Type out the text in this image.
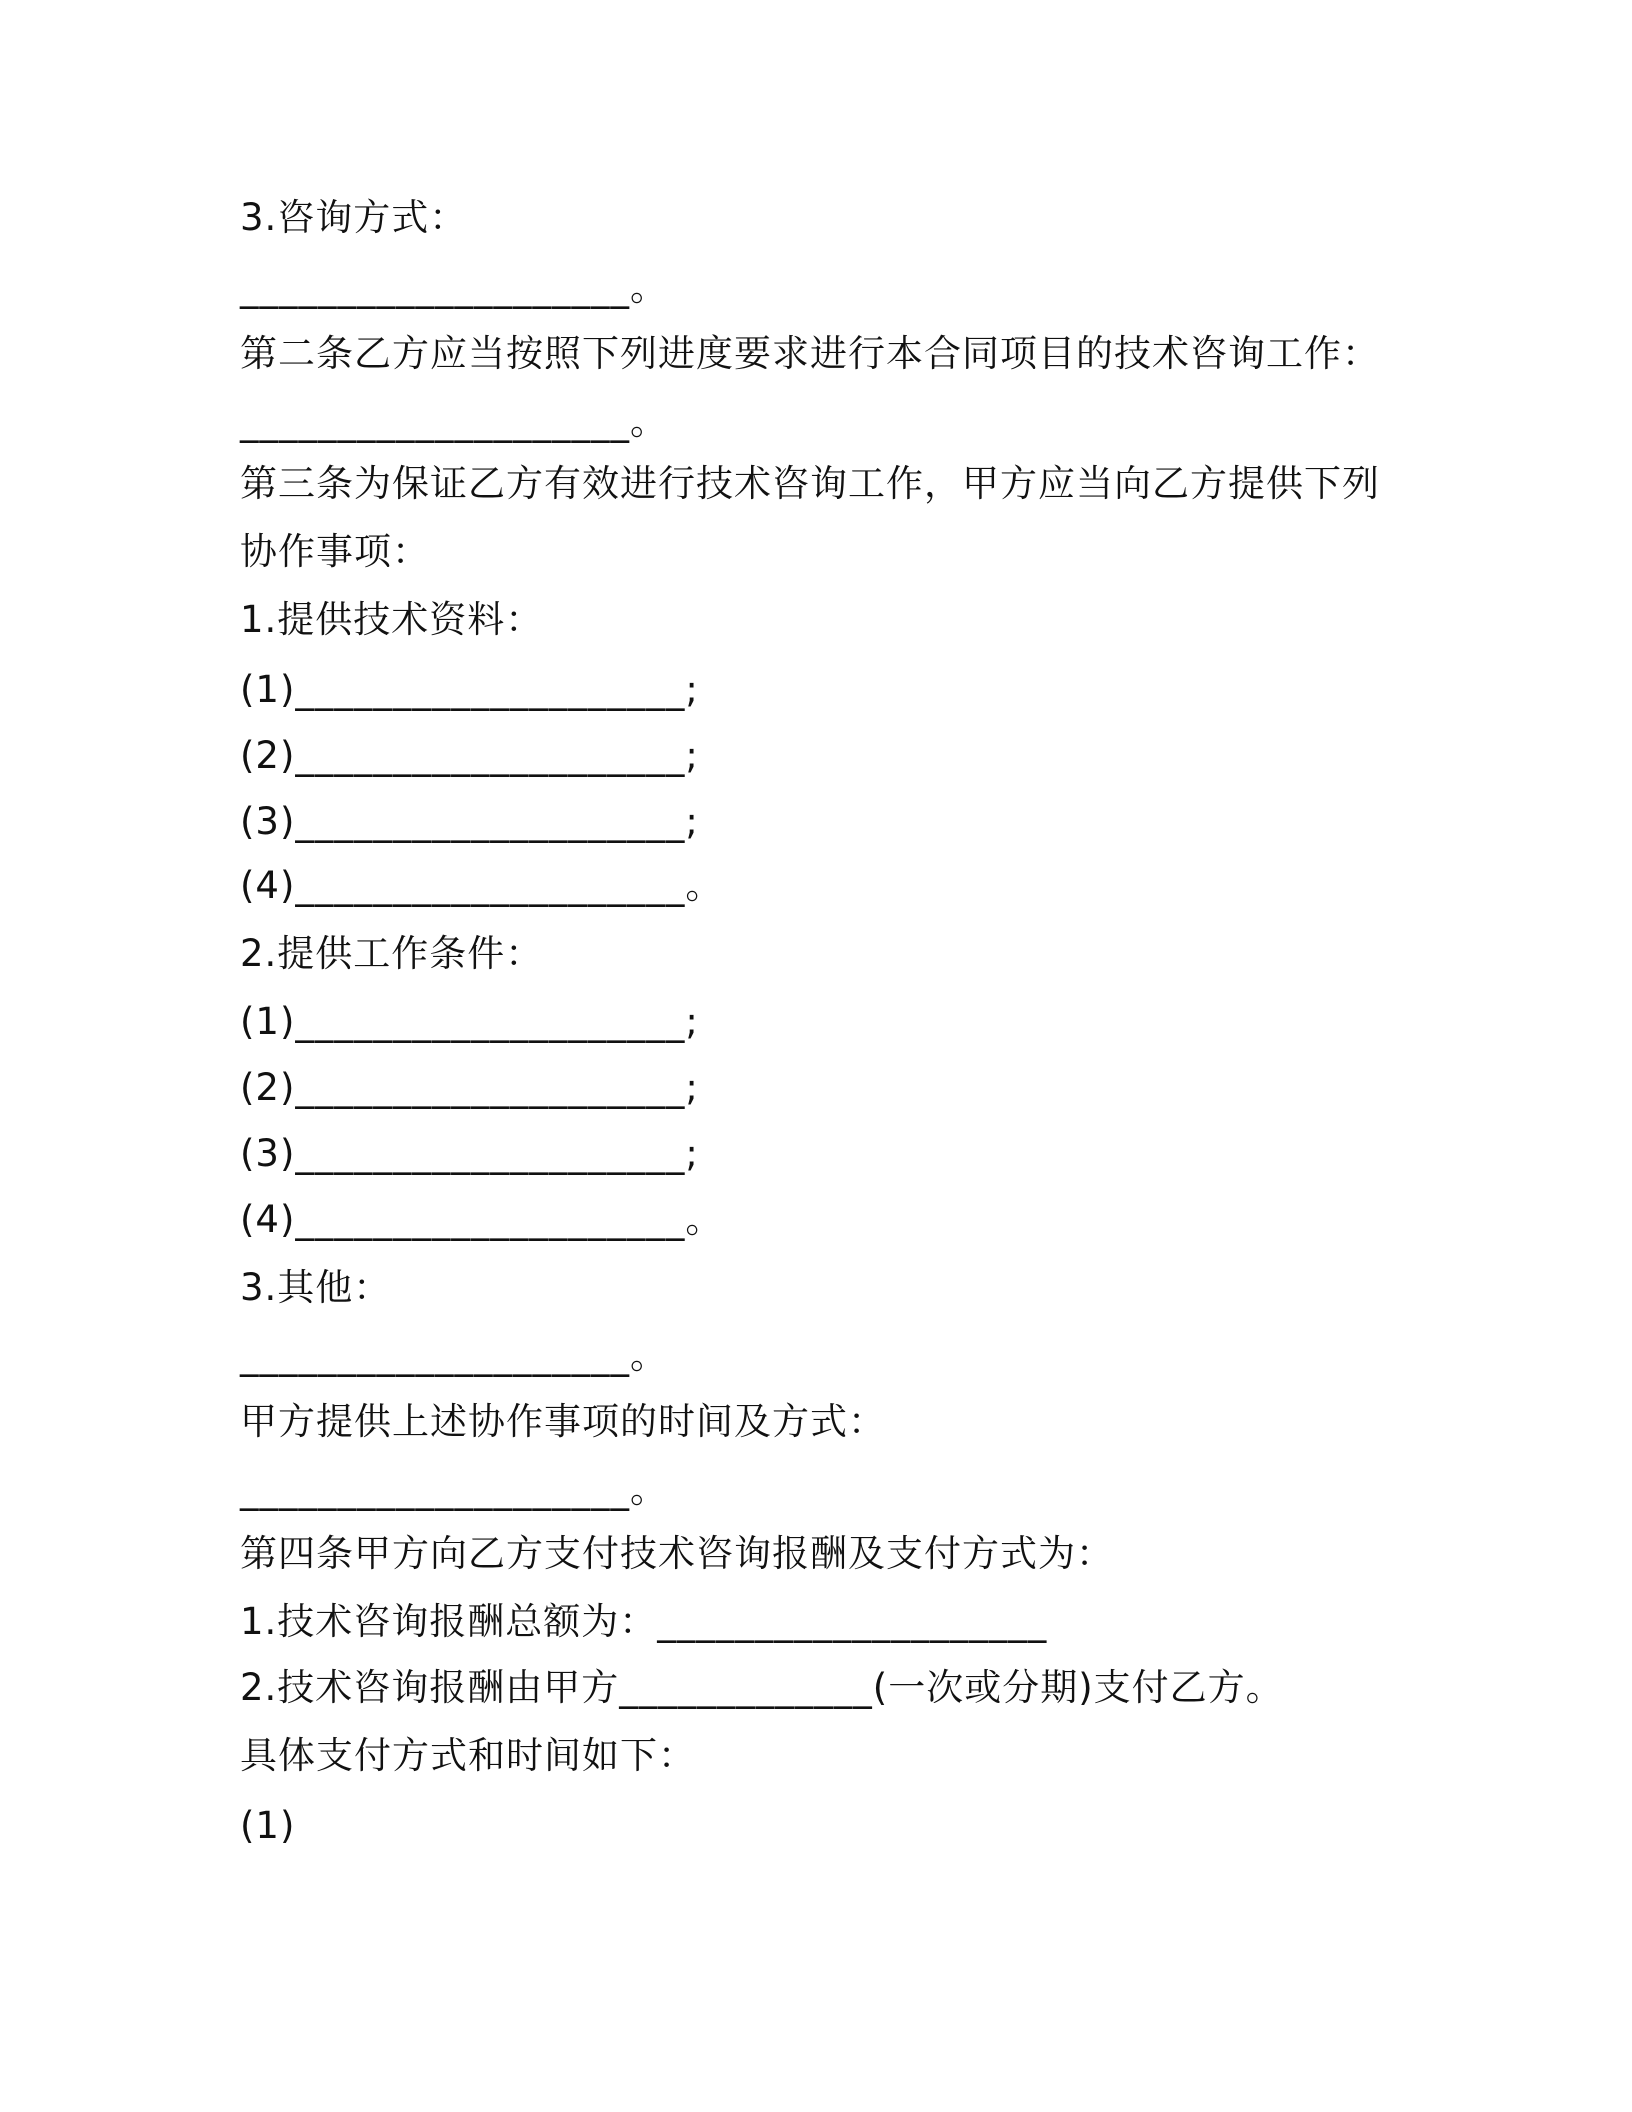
3.咨询方式：
____________________。
第二条乙方应当按照下列进度要求进行本合同项目的技术咨询工作：
____________________。
第三条为保证乙方有效进行技术咨询工作，甲方应当向乙方提供下列
协作事项：
1.提供技术资料：
(1)____________________;
(2)____________________;
(3)____________________;
(4)____________________。
2.提供工作条件：
(1)____________________;
(2)____________________;
(3)____________________;
(4)____________________。
3.其他：
____________________。
甲方提供上述协作事项的时间及方式：
____________________。
第四条甲方向乙方支付技术咨询报酬及支付方式为：
1.技术咨询报酬总额为：____________________
2.技术咨询报酬由甲方_____________(一次或分期)支付乙方。
具体支付方式和时间如下：
(1)
